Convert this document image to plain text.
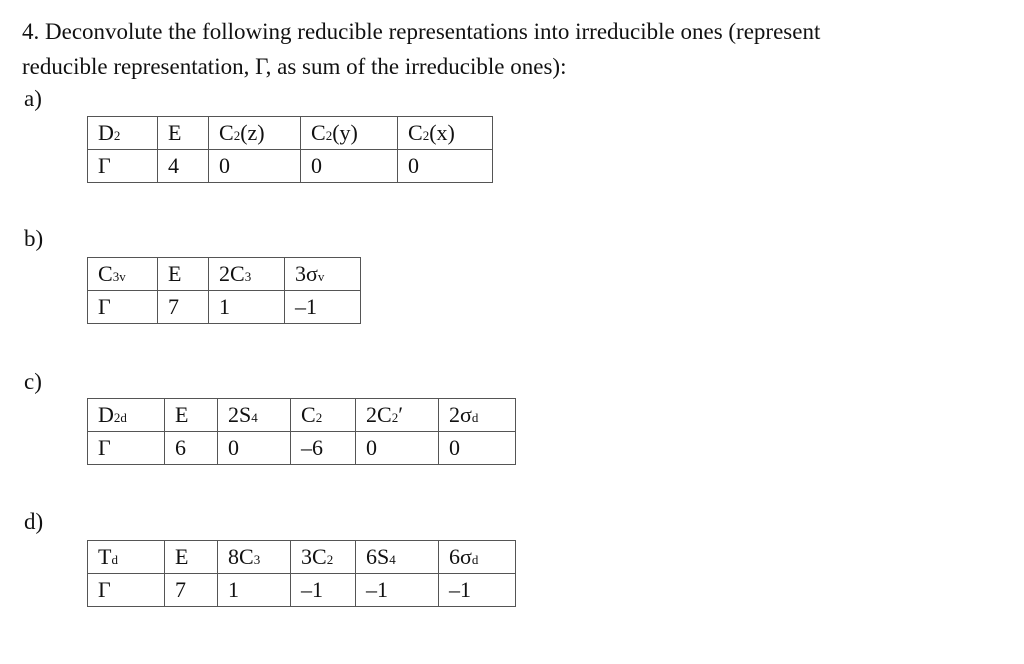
4. Deconvolute the following reducible representations into irreducible ones (represent
reducible representation, Γ, as sum of the irreducible ones):
a)
D2	E	C2(z)	C2(y)	C2(x)
Γ	4	0	0	0
b)
C3v	E	2C3	3σv
Γ	7	1	–1
c)
D2d	E	2S4	C2	2C2′	2σd
Γ	6	0	–6	0	0
d)
Td	E	8C3	3C2	6S4	6σd
Γ	7	1	–1	–1	–1
